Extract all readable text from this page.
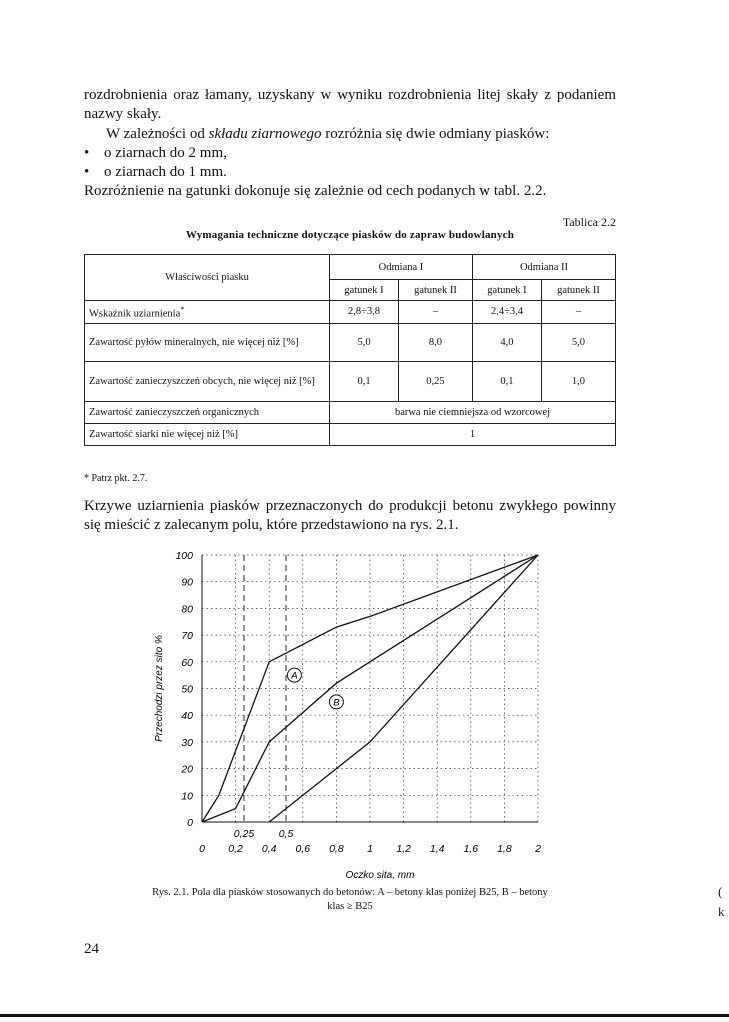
rozdrobnienia oraz łamany, uzyskany w wyniku rozdrobnienia litej skały z podaniem nazwy skały.

W zależności od składu ziarnowego rozróżnia się dwie odmiany piasków:

• o ziarnach do 2 mm,
• o ziarnach do 1 mm.

Rozróżnienie na gatunki dokonuje się zależnie od cech podanych w tabl. 2.2.

Tablica 2.2
Wymagania techniczne dotyczące piasków do zapraw budowlanych
Właściwości piasku	Odmiana I		Odmiana II	
	gatunek I	gatunek II	gatunek I	gatunek II
Wskaźnik uziarnienia*	2,8÷3,8	–	2,4÷3,4	–
Zawartość pyłów mineralnych, nie więcej niż [%]	5,0	8,0	4,0	5,0
Zawartość zanieczyszczeń obcych, nie więcej niż [%]	0,1	0,25	0,1	1,0
Zawartość zanieczyszczeń organicznych	barwa nie ciemniejsza od wzorcowej			
Zawartość siarki nie więcej niż [%]	1			
* Patrz pkt. 2.7.

Krzywe uziarnienia piasków przeznaczonych do produkcji betonu zwykłego powinny się mieścić z zalecanym polu, które przedstawiono na rys. 2.1.

0
10
20
30
40
50
60
70
80
90
100
0 0,2 0,4 0,6 0,8 1 1,2 1,4 1,6 1,8 2
0,25 0,5
A
B
Przechodzi przez sito %
Oczko sita, mm
Rys. 2.1. Pola dla piasków stosowanych do betonów: A – betony klas poniżej B25, B – betony
klas ≥ B25
24
(
k
